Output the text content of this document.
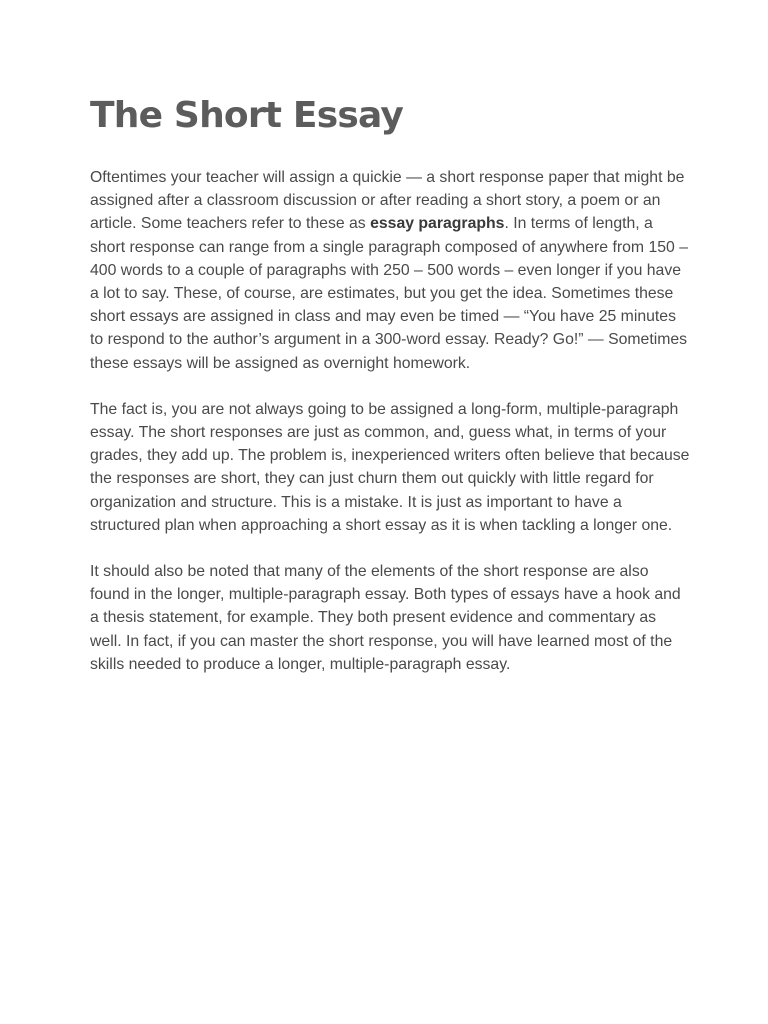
The Short Essay

Oftentimes your teacher will assign a quickie — a short response paper that might be assigned after a classroom discussion or after reading a short story, a poem or an article. Some teachers refer to these as essay paragraphs. In terms of length, a short response can range from a single paragraph composed of anywhere from 150 – 400 words to a couple of paragraphs with 250 – 500 words – even longer if you have a lot to say. These, of course, are estimates, but you get the idea. Sometimes these short essays are assigned in class and may even be timed — “You have 25 minutes to respond to the author’s argument in a 300-word essay. Ready? Go!” — Sometimes these essays will be assigned as overnight homework.

The fact is, you are not always going to be assigned a long-form, multiple-paragraph essay. The short responses are just as common, and, guess what, in terms of your grades, they add up. The problem is, inexperienced writers often believe that because the responses are short, they can just churn them out quickly with little regard for organization and structure. This is a mistake. It is just as important to have a structured plan when approaching a short essay as it is when tackling a longer one.

It should also be noted that many of the elements of the short response are also found in the longer, multiple-paragraph essay. Both types of essays have a hook and a thesis statement, for example. They both present evidence and commentary as well. In fact, if you can master the short response, you will have learned most of the skills needed to produce a longer, multiple-paragraph essay.
